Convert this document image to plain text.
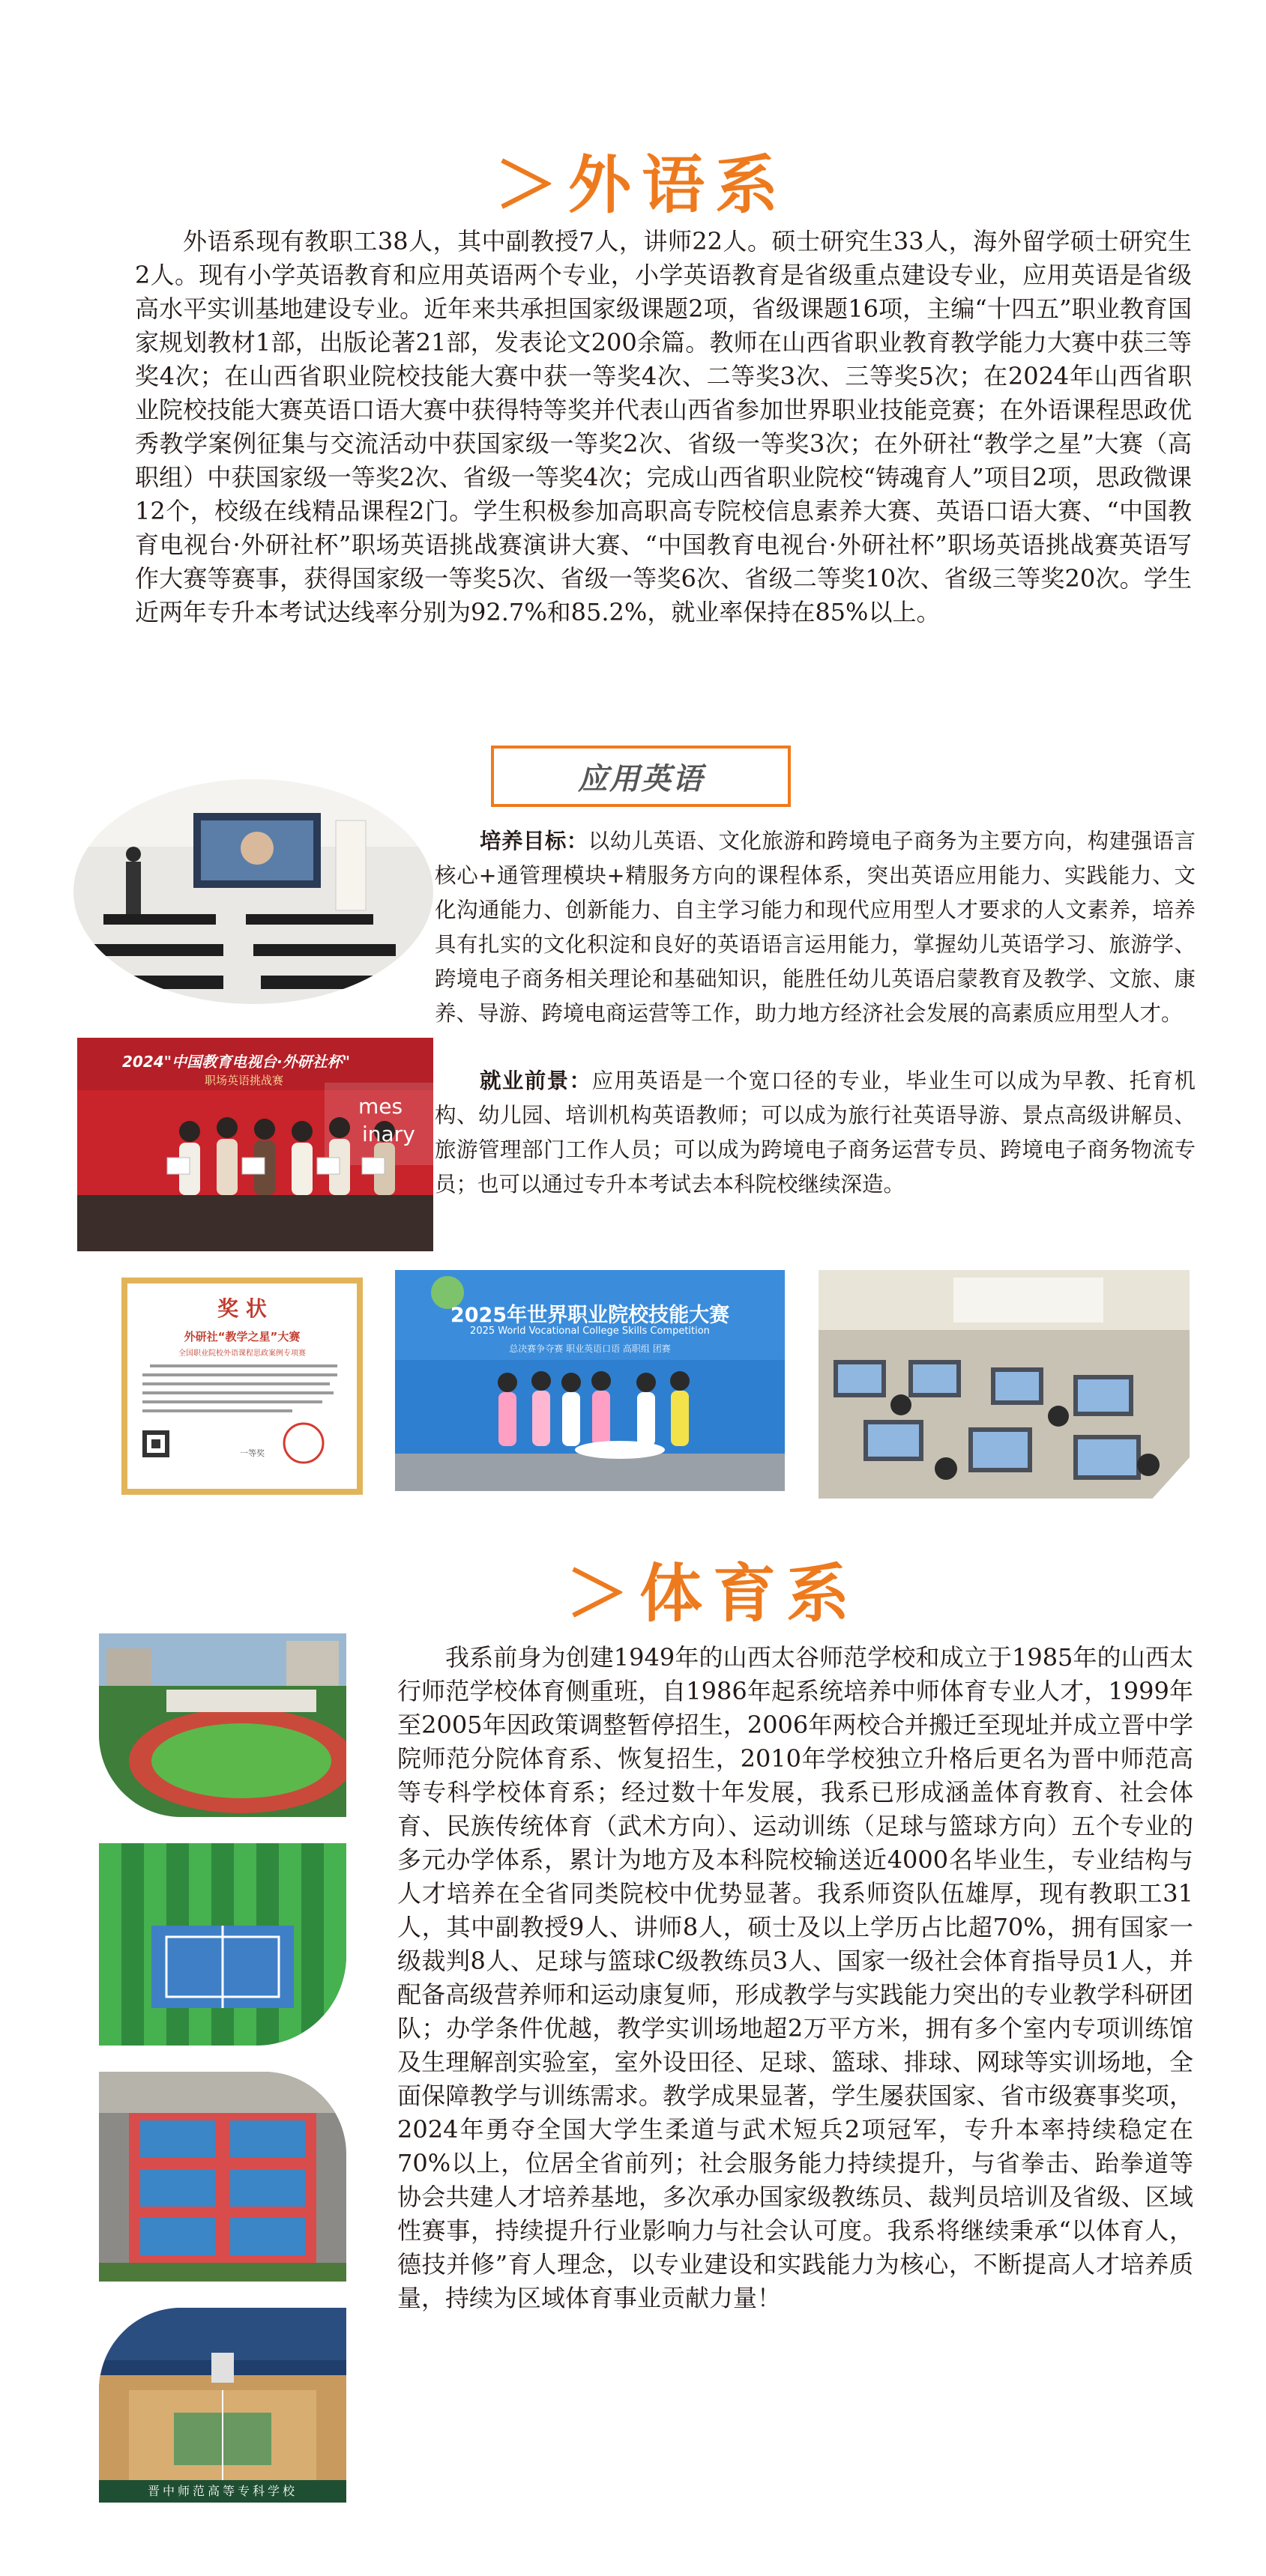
＞外语系
外语系现有教职工38人，其中副教授7人，讲师22人。硕士研究生33人，海外留学硕士研究生2人。现有小学英语教育和应用英语两个专业，小学英语教育是省级重点建设专业，应用英语是省级高水平实训基地建设专业。近年来共承担国家级课题2项，省级课题16项，主编“十四五”职业教育国家规划教材1部，出版论著21部，发表论文200余篇。教师在山西省职业教育教学能力大赛中获三等奖4次；在山西省职业院校技能大赛中获一等奖4次、二等奖3次、三等奖5次；在2024年山西省职业院校技能大赛英语口语大赛中获得特等奖并代表山西省参加世界职业技能竞赛；在外语课程思政优秀教学案例征集与交流活动中获国家级一等奖2次、省级一等奖3次；在外研社“教学之星”大赛（高职组）中获国家级一等奖2次、省级一等奖4次；完成山西省职业院校“铸魂育人”项目2项，思政微课12个，校级在线精品课程2门。学生积极参加高职高专院校信息素养大赛、英语口语大赛、“中国教育电视台·外研社杯”职场英语挑战赛演讲大赛、“中国教育电视台·外研社杯”职场英语挑战赛英语写作大赛等赛事，获得国家级一等奖5次、省级一等奖6次、省级二等奖10次、省级三等奖20次。学生近两年专升本考试达线率分别为92.7%和85.2%，就业率保持在85%以上。
应用英语
2024"中国教育电视台·外研社杯"
职场英语挑战赛
mes
inary
培养目标：以幼儿英语、文化旅游和跨境电子商务为主要方向，构建强语言核心+通管理模块+精服务方向的课程体系，突出英语应用能力、实践能力、文化沟通能力、创新能力、自主学习能力和现代应用型人才要求的人文素养，培养具有扎实的文化积淀和良好的英语语言运用能力，掌握幼儿英语学习、旅游学、跨境电子商务相关理论和基础知识，能胜任幼儿英语启蒙教育及教学、文旅、康养、导游、跨境电商运营等工作，助力地方经济社会发展的高素质应用型人才。
就业前景：应用英语是一个宽口径的专业，毕业生可以成为早教、托育机构、幼儿园、培训机构英语教师；可以成为旅行社英语导游、景点高级讲解员、旅游管理部门工作人员；可以成为跨境电子商务运营专员、跨境电子商务物流专员；也可以通过专升本考试去本科院校继续深造。
奖 状
外研社“教学之星”大赛
全国职业院校外语课程思政案例专项赛
一等奖
2025年世界职业院校技能大赛
2025 World Vocational College Skills Competition
总决赛争夺赛 职业英语口语 高职组 团赛
＞体育系
晋中师范高等专科学校
我系前身为创建1949年的山西太谷师范学校和成立于1985年的山西太行师范学校体育侧重班，自1986年起系统培养中师体育专业人才，1999年至2005年因政策调整暂停招生，2006年两校合并搬迁至现址并成立晋中学院师范分院体育系、恢复招生，2010年学校独立升格后更名为晋中师范高等专科学校体育系；经过数十年发展，我系已形成涵盖体育教育、社会体育、民族传统体育（武术方向）、运动训练（足球与篮球方向）五个专业的多元办学体系，累计为地方及本科院校输送近4000名毕业生，专业结构与人才培养在全省同类院校中优势显著。我系师资队伍雄厚，现有教职工31人，其中副教授9人、讲师8人，硕士及以上学历占比超70%，拥有国家一级裁判8人、足球与篮球C级教练员3人、国家一级社会体育指导员1人，并配备高级营养师和运动康复师，形成教学与实践能力突出的专业教学科研团队；办学条件优越，教学实训场地超2万平方米，拥有多个室内专项训练馆及生理解剖实验室，室外设田径、足球、篮球、排球、网球等实训场地，全面保障教学与训练需求。教学成果显著，学生屡获国家、省市级赛事奖项，2024年勇夺全国大学生柔道与武术短兵2项冠军，专升本率持续稳定在70%以上，位居全省前列；社会服务能力持续提升，与省拳击、跆拳道等协会共建人才培养基地，多次承办国家级教练员、裁判员培训及省级、区域性赛事，持续提升行业影响力与社会认可度。我系将继续秉承“以体育人，德技并修”育人理念，以专业建设和实践能力为核心，不断提高人才培养质量，持续为区域体育事业贡献力量！
